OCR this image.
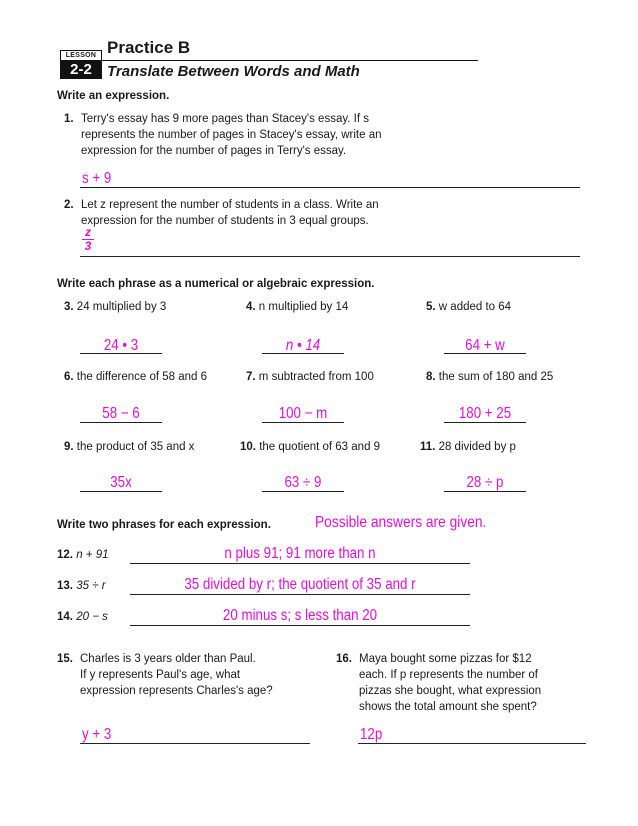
LESSON
2-2
Practice B
Translate Between Words and Math
Write an expression.
1. Terry's essay has 9 more pages than Stacey's essay. If s
represents the number of pages in Stacey's essay, write an
expression for the number of pages in Terry's essay.
s + 9
2. Let z represent the number of students in a class. Write an
expression for the number of students in 3 equal groups.
z
3
Write each phrase as a numerical or algebraic expression.
3. 24 multiplied by 3	4. n multiplied by 14	5. w added to 64
24 • 3	n • 14	64 + w
6. the difference of 58 and 6	7. m subtracted from 100	8. the sum of 180 and 25
58 − 6	100 − m	180 + 25
9. the product of 35 and x	10. the quotient of 63 and 9	11. 28 divided by p
35x	63 ÷ 9	28 ÷ p
Write two phrases for each expression.	Possible answers are given.
12. n + 91	n plus 91; 91 more than n
13. 35 ÷ r	35 divided by r; the quotient of 35 and r
14. 20 − s	20 minus s; s less than 20
15. Charles is 3 years older than Paul.
If y represents Paul's age, what
expression represents Charles's age?
y + 3
16. Maya bought some pizzas for $12
each. If p represents the number of
pizzas she bought, what expression
shows the total amount she spent?
12p
